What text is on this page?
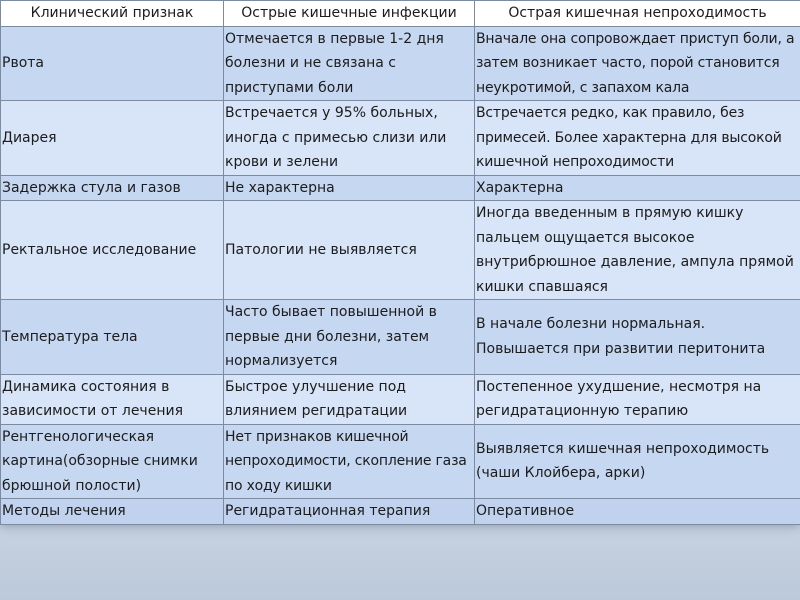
Клинический признак	Острые кишечные инфекции	Острая кишечная непроходимость
Рвота	Отмечается в первые 1-2 дня болезни и не связана с приступами боли	Вначале она сопровождает приступ боли, а затем возникает часто, порой становится неукротимой, с запахом кала
Диарея	Встречается у 95% больных, иногда с примесью слизи или крови и зелени	Встречается редко, как правило, без примесей. Более характерна для высокой кишечной непроходимости
Задержка стула и газов	Не характерна	Характерна
Ректальное исследование	Патологии не выявляется	Иногда введенным в прямую кишку пальцем ощущается высокое внутрибрюшное давление, ампула прямой кишки спавшаяся
Температура тела	Часто бывает повышенной в первые дни болезни, затем нормализуется	В начале болезни нормальная. Повышается при развитии перитонита
Динамика состояния в зависимости от лечения	Быстрое улучшение под влиянием регидратации	Постепенное ухудшение, несмотря на регидратационную терапию
Рентгенологическая картина(обзорные снимки брюшной полости)	Нет признаков кишечной непроходимости, скопление газа по ходу кишки	Выявляется кишечная непроходимость (чаши Клойбера, арки)
Методы лечения	Регидратационная терапия	Оперативное
